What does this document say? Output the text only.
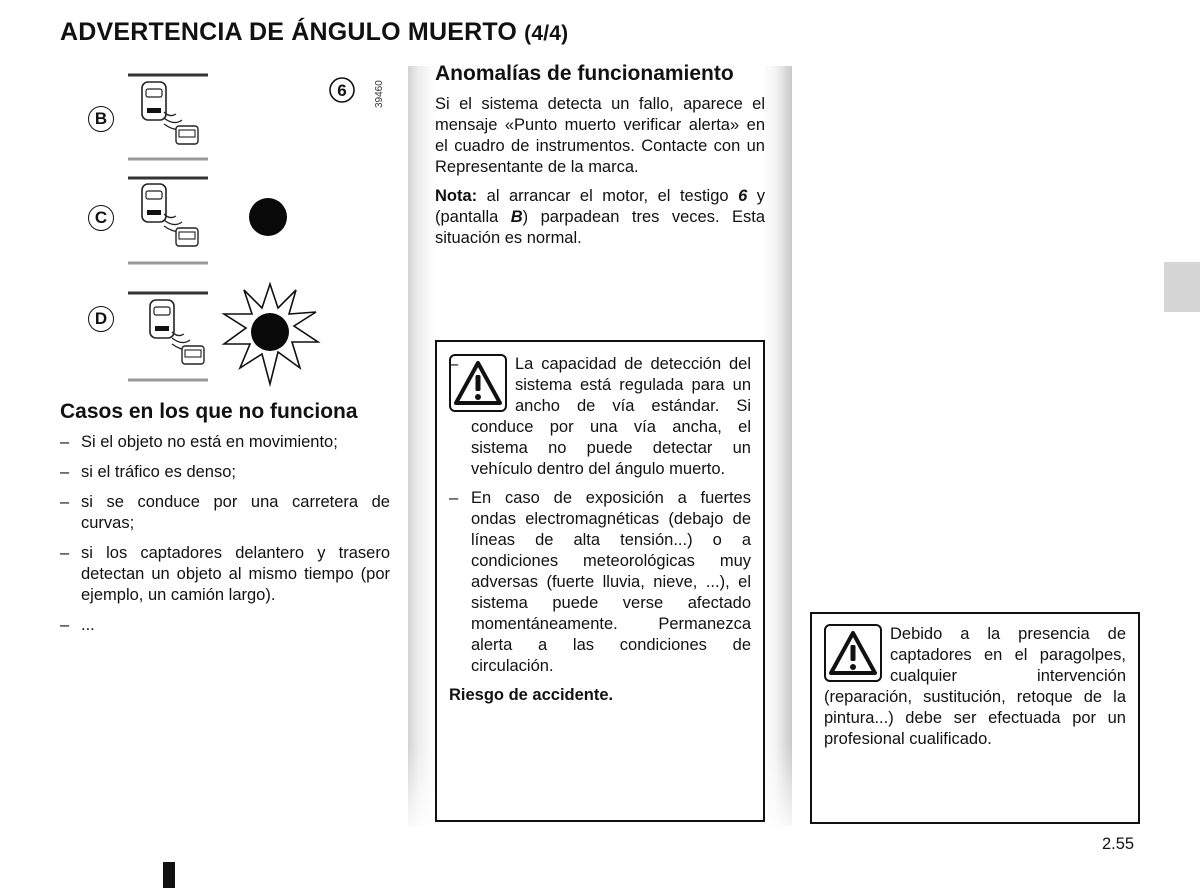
ADVERTENCIA DE ÁNGULO MUERTO (4/4)
6
B
C
D
39460
Casos en los que no funciona
– Si el objeto no está en movimiento;
– si el tráfico es denso;
– si se conduce por una carretera de curvas;
– si los captadores delantero y trasero detectan un objeto al mismo tiempo (por ejemplo, un camión largo).
– ...
Anomalías de funcionamiento

Si el sistema detecta un fallo, aparece el mensaje «Punto muerto verificar alerta» en el cuadro de instrumentos. Contacte con un Representante de la marca.

Nota: al arrancar el motor, el testigo 6 y (pantalla B) parpadean tres veces. Esta situación es normal.

–	La capacidad de detección del sistema está regulada para un ancho de vía estándar. Si conduce por una vía ancha, el sistema no puede detectar un vehículo dentro del ángulo muerto.
– En caso de exposición a fuertes ondas electromagnéticas (debajo de líneas de alta tensión...) o a condiciones meteorológicas muy adversas (fuerte lluvia, nieve, ...), el sistema puede verse afectado momentáneamente. Permanezca alerta a las condiciones de circulación.
Riesgo de accidente.
Debido a la presencia de captadores en el paragolpes, cualquier intervención (reparación, sustitución, retoque de la pintura...) debe ser efectuada por un profesional cualificado.
2.55
